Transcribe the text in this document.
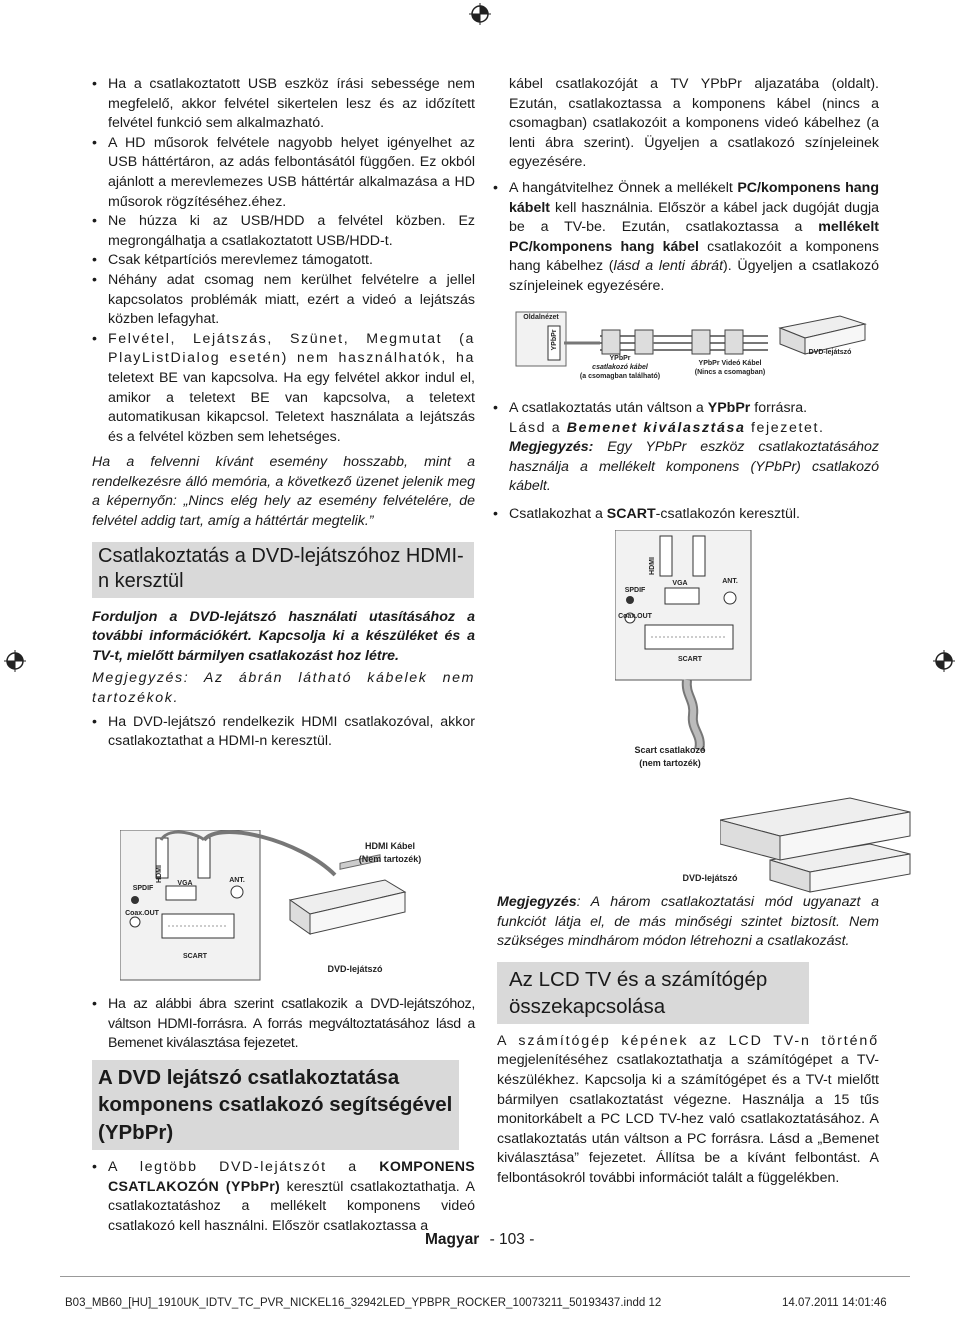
• Ha a csatlakoztatott USB eszköz írási sebessége nem megfelelő, akkor felvétel sikertelen lesz és az időzített felvétel funkció sem alkalmazható.

• A HD műsorok felvétele nagyobb helyet igényelhet az USB háttértáron, az adás felbontásától függően. Ez okból ajánlott a merevlemezes USB háttértár alkalmazása a HD műsorok rögzítéséhez.éhez.

• Ne húzza ki az USB/HDD a felvétel közben. Ez megrongálhatja a csatlakoztatott USB/HDD-t.

• Csak kétpartíciós merevlemez támogatott.

• Néhány adat csomag nem kerülhet felvételre a jellel kapcsolatos problémák miatt, ezért a videó a lejátszás közben lefagyhat.

• Felvétel, Lejátszás, Szünet, Megmutat (a PlayListDialog esetén) nem használhatók, ha teletext BE van kapcsolva. Ha egy felvétel akkor indul el, amikor a teletext BE van kapcsolva, a teletext automatikusan kikapcsol. Teletext használata a lejátszás és a felvétel közben sem lehetséges.

Ha a felvenni kívánt esemény hosszabb, mint a rendelkezésre álló memória, a következő üzenet jelenik meg a képernyőn: „Nincs elég hely az esemény felvételére, de felvétel addig tart, amíg a háttértár megtelik.”

Csatlakoztatás a DVD-lejátszóhoz HDMI-n kersztül

Forduljon a DVD-lejátszó használati utasításához a további információkért. Kapcsolja ki a készüléket és a TV-t, mielőtt bármilyen csatlakozást hoz létre.

Megjegyzés: Az ábrán látható kábelek nem tartozékok.

• Ha DVD-lejátszó rendelkezik HDMI csatlakozóval, akkor csatlakoztathat a HDMI-n keresztül.

HDMI
VGA	ANT.
SPDIF
Coax.OUT
SCART
HDMI Kábel
(Nem tartozék)
DVD-lejátszó
DVD-lejátszó

• Ha az alábbi ábra szerint csatlakozik a DVD-lejátszóhoz, váltson HDMI-forrásra. A forrás megváltoztatásához lásd a Bemenet kiválasztása fejezetet.

A DVD lejátszó csatlakoztatása komponens csatlakozó segítségével (YPbPr)

• A legtöbb DVD-lejátszót a KOMPONENS CSATLAKOZÓN (YPbPr) keresztül csatlakoztathatja. A csatlakoztatáshoz a mellékelt komponens videó csatlakozó kell használni. Először csatlakoztassa a

kábel csatlakozóját a TV YPbPr aljazatába (oldalt). Ezután, csatlakoztassa a komponens kábel (nincs a csomagban) csatlakozóit a komponens videó kábelhez (a lenti ábra szerint). Ügyeljen a csatlakozó színjeleinek egyezésére.

• A hangátvitelhez Önnek a mellékelt PC/komponens hang kábelt kell használnia. Először a kábel jack dugóját dugja be a TV-be. Ezután, csatlakoztassa a mellékelt PC/komponens hang kábel csatlakozóit a komponens hang kábelhez (lásd a lenti ábrát). Ügyeljen a csatlakozó színjeleinek egyezésére.

Oldalnézet
YPbPr
YPbPr
csatlakozó kábel
(a csomagban található)
YPbPr Videó Kábel
(Nincs a csomagban)
DVD-lejátszó

• A csatlakoztatás után váltson a YPbPr forrásra.
Lásd a Bemenet kiválasztása fejezetet.
Megjegyzés: Egy YPbPr eszköz csatlakoztatásához használja a mellékelt komponens (YPbPr) csatlakozó kábelt.

• Csatlakozhat a SCART-csatlakozón keresztül.

HDMI
VGA	ANT.
SPDIF
Coax.OUT
SCART
Scart csatlakozó
(nem tartozék)

Megjegyzés: A három csatlakoztatási mód ugyanazt a funkciót látja el, de más minőségi szintet biztosít. Nem szükséges mindhárom módon létrehozni a csatlakozást.

Az LCD TV és a számítógép összekapcsolása

A számítógép képének az LCD TV-n történő megjelenítéséhez csatlakoztathatja a számítógépet a TV-készülékhez. Kapcsolja ki a számítógépet és a TV-t mielőtt bármilyen csatlakoztatást végezne. Használja a 15 tűs monitorkábelt a PC LCD TV-hez való csatlakoztatásához. A csatlakoztatás után váltson a PC forrásra. Lásd a „Bemenet kiválasztása” fejezetet. Állítsa be a kívánt felbontást. A felbontásokról további információt talált a függelékben.

Magyar - 103 -
B03_MB60_[HU]_1910UK_IDTV_TC_PVR_NICKEL16_32942LED_YPBPR_ROCKER_10073211_50193437.indd 12	14.07.2011 14:01:46
